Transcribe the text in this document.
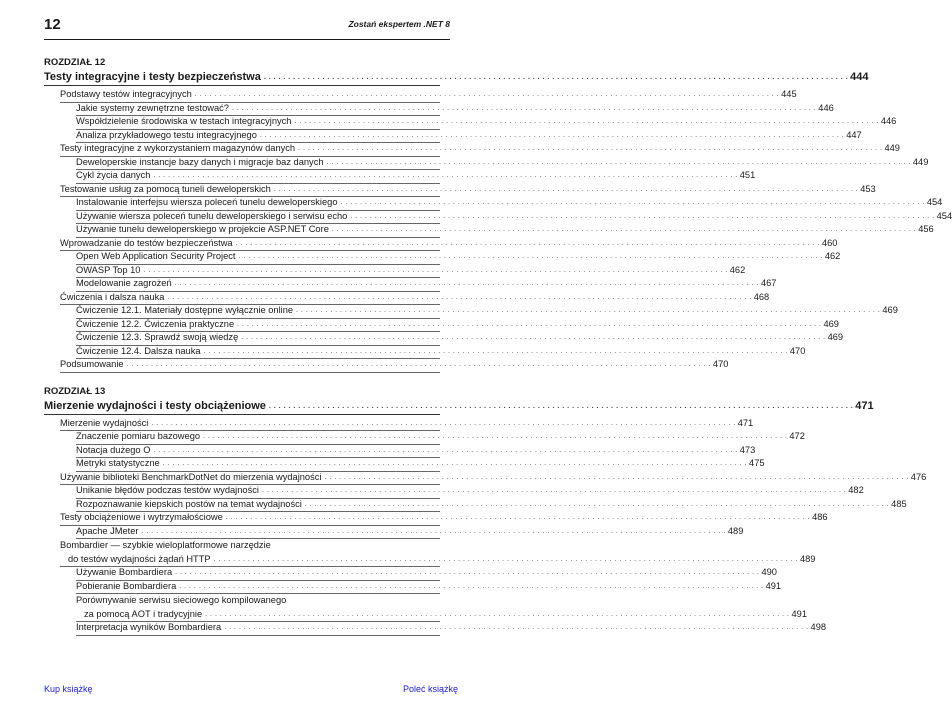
12	Zostań ekspertem .NET 8

ROZDZIAŁ 12

Testy integracyjne i testy bezpieczeństwa . . . . . . . . . . . . . . . . . . . . . . . . . . . . . . . . . . . . . . . . . . . . . . . . . . . . . . . . . . . . . . . . . . . . . . . . . . . . . . . . . . . . . . . . . . . . . . . . . . . . . . . . . . . . . . . . . . . . . . . . 444
Podstawy testów integracyjnych . . . . . . . . . . . . . . . . . . . . . . . . . . . . . . . . . . . . . . . . . . . . . . . . . . . . . . . . . . . . . . . . . . . . . . . . . . . . . . . . . . . . . . . . . . . . . . . . . . . . . . . . . . . . . . . . . . . . . . . . 445
Jakie systemy zewnętrzne testować? . . . . . . . . . . . . . . . . . . . . . . . . . . . . . . . . . . . . . . . . . . . . . . . . . . . . . . . . . . . . . . . . . . . . . . . . . . . . . . . . . . . . . . . . . . . . . . . . . . . . . . . . . . . . . . . . . . . . . . . . 446
Współdzielenie środowiska w testach integracyjnych . . . . . . . . . . . . . . . . . . . . . . . . . . . . . . . . . . . . . . . . . . . . . . . . . . . . . . . . . . . . . . . . . . . . . . . . . . . . . . . . . . . . . . . . . . . . . . . . . . . . . . . . . . . . . . . . . . . . . . . . 446
Analiza przykładowego testu integracyjnego . . . . . . . . . . . . . . . . . . . . . . . . . . . . . . . . . . . . . . . . . . . . . . . . . . . . . . . . . . . . . . . . . . . . . . . . . . . . . . . . . . . . . . . . . . . . . . . . . . . . . . . . . . . . . . . . . . . . . . . . 447
Testy integracyjne z wykorzystaniem magazynów danych . . . . . . . . . . . . . . . . . . . . . . . . . . . . . . . . . . . . . . . . . . . . . . . . . . . . . . . . . . . . . . . . . . . . . . . . . . . . . . . . . . . . . . . . . . . . . . . . . . . . . . . . . . . . . . . . . . . . . . . . 449
Deweloperskie instancje bazy danych i migracje baz danych . . . . . . . . . . . . . . . . . . . . . . . . . . . . . . . . . . . . . . . . . . . . . . . . . . . . . . . . . . . . . . . . . . . . . . . . . . . . . . . . . . . . . . . . . . . . . . . . . . . . . . . . . . . . . . . . . . . . . . . . 449
Cykl życia danych . . . . . . . . . . . . . . . . . . . . . . . . . . . . . . . . . . . . . . . . . . . . . . . . . . . . . . . . . . . . . . . . . . . . . . . . . . . . . . . . . . . . . . . . . . . . . . . . . . . . . . . . . . . . . . . . . . . . . . . . 451
Testowanie usług za pomocą tuneli deweloperskich . . . . . . . . . . . . . . . . . . . . . . . . . . . . . . . . . . . . . . . . . . . . . . . . . . . . . . . . . . . . . . . . . . . . . . . . . . . . . . . . . . . . . . . . . . . . . . . . . . . . . . . . . . . . . . . . . . . . . . . . 453
Instalowanie interfejsu wiersza poleceń tunelu deweloperskiego . . . . . . . . . . . . . . . . . . . . . . . . . . . . . . . . . . . . . . . . . . . . . . . . . . . . . . . . . . . . . . . . . . . . . . . . . . . . . . . . . . . . . . . . . . . . . . . . . . . . . . . . . . . . . . . . . . . . . . . . 454
Używanie wiersza poleceń tunelu deweloperskiego i serwisu echo . . . . . . . . . . . . . . . . . . . . . . . . . . . . . . . . . . . . . . . . . . . . . . . . . . . . . . . . . . . . . . . . . . . . . . . . . . . . . . . . . . . . . . . . . . . . . . . . . . . . . . . . . . . . . . . . . . . . . . . . 454
Używanie tunelu deweloperskiego w projekcie ASP.NET Core . . . . . . . . . . . . . . . . . . . . . . . . . . . . . . . . . . . . . . . . . . . . . . . . . . . . . . . . . . . . . . . . . . . . . . . . . . . . . . . . . . . . . . . . . . . . . . . . . . . . . . . . . . . . . . . . . . . . . . . . 456
Wprowadzanie do testów bezpieczeństwa . . . . . . . . . . . . . . . . . . . . . . . . . . . . . . . . . . . . . . . . . . . . . . . . . . . . . . . . . . . . . . . . . . . . . . . . . . . . . . . . . . . . . . . . . . . . . . . . . . . . . . . . . . . . . . . . . . . . . . . . 460
Open Web Application Security Project . . . . . . . . . . . . . . . . . . . . . . . . . . . . . . . . . . . . . . . . . . . . . . . . . . . . . . . . . . . . . . . . . . . . . . . . . . . . . . . . . . . . . . . . . . . . . . . . . . . . . . . . . . . . . . . . . . . . . . . . 462
OWASP Top 10 . . . . . . . . . . . . . . . . . . . . . . . . . . . . . . . . . . . . . . . . . . . . . . . . . . . . . . . . . . . . . . . . . . . . . . . . . . . . . . . . . . . . . . . . . . . . . . . . . . . . . . . . . . . . . . . . . . . . . . . . 462
Modelowanie zagrożeń . . . . . . . . . . . . . . . . . . . . . . . . . . . . . . . . . . . . . . . . . . . . . . . . . . . . . . . . . . . . . . . . . . . . . . . . . . . . . . . . . . . . . . . . . . . . . . . . . . . . . . . . . . . . . . . . . . . . . . . . 467
Ćwiczenia i dalsza nauka . . . . . . . . . . . . . . . . . . . . . . . . . . . . . . . . . . . . . . . . . . . . . . . . . . . . . . . . . . . . . . . . . . . . . . . . . . . . . . . . . . . . . . . . . . . . . . . . . . . . . . . . . . . . . . . . . . . . . . . . 468
Ćwiczenie 12.1. Materiały dostępne wyłącznie online . . . . . . . . . . . . . . . . . . . . . . . . . . . . . . . . . . . . . . . . . . . . . . . . . . . . . . . . . . . . . . . . . . . . . . . . . . . . . . . . . . . . . . . . . . . . . . . . . . . . . . . . . . . . . . . . . . . . . . . . 469
Ćwiczenie 12.2. Ćwiczenia praktyczne . . . . . . . . . . . . . . . . . . . . . . . . . . . . . . . . . . . . . . . . . . . . . . . . . . . . . . . . . . . . . . . . . . . . . . . . . . . . . . . . . . . . . . . . . . . . . . . . . . . . . . . . . . . . . . . . . . . . . . . . 469
Ćwiczenie 12.3. Sprawdź swoją wiedzę . . . . . . . . . . . . . . . . . . . . . . . . . . . . . . . . . . . . . . . . . . . . . . . . . . . . . . . . . . . . . . . . . . . . . . . . . . . . . . . . . . . . . . . . . . . . . . . . . . . . . . . . . . . . . . . . . . . . . . . . 469
Ćwiczenie 12.4. Dalsza nauka . . . . . . . . . . . . . . . . . . . . . . . . . . . . . . . . . . . . . . . . . . . . . . . . . . . . . . . . . . . . . . . . . . . . . . . . . . . . . . . . . . . . . . . . . . . . . . . . . . . . . . . . . . . . . . . . . . . . . . . . 470
Podsumowanie . . . . . . . . . . . . . . . . . . . . . . . . . . . . . . . . . . . . . . . . . . . . . . . . . . . . . . . . . . . . . . . . . . . . . . . . . . . . . . . . . . . . . . . . . . . . . . . . . . . . . . . . . . . . . . . . . . . . . . . . 470

ROZDZIAŁ 13

Mierzenie wydajności i testy obciążeniowe . . . . . . . . . . . . . . . . . . . . . . . . . . . . . . . . . . . . . . . . . . . . . . . . . . . . . . . . . . . . . . . . . . . . . . . . . . . . . . . . . . . . . . . . . . . . . . . . . . . . . . . . . . . . . . . . . . . . . . . . 471
Mierzenie wydajności . . . . . . . . . . . . . . . . . . . . . . . . . . . . . . . . . . . . . . . . . . . . . . . . . . . . . . . . . . . . . . . . . . . . . . . . . . . . . . . . . . . . . . . . . . . . . . . . . . . . . . . . . . . . . . . . . . . . . . . . 471
Znaczenie pomiaru bazowego . . . . . . . . . . . . . . . . . . . . . . . . . . . . . . . . . . . . . . . . . . . . . . . . . . . . . . . . . . . . . . . . . . . . . . . . . . . . . . . . . . . . . . . . . . . . . . . . . . . . . . . . . . . . . . . . . . . . . . . . 472
Notacja dużego O . . . . . . . . . . . . . . . . . . . . . . . . . . . . . . . . . . . . . . . . . . . . . . . . . . . . . . . . . . . . . . . . . . . . . . . . . . . . . . . . . . . . . . . . . . . . . . . . . . . . . . . . . . . . . . . . . . . . . . . . 473
Metryki statystyczne . . . . . . . . . . . . . . . . . . . . . . . . . . . . . . . . . . . . . . . . . . . . . . . . . . . . . . . . . . . . . . . . . . . . . . . . . . . . . . . . . . . . . . . . . . . . . . . . . . . . . . . . . . . . . . . . . . . . . . . . 475
Używanie biblioteki BenchmarkDotNet do mierzenia wydajności . . . . . . . . . . . . . . . . . . . . . . . . . . . . . . . . . . . . . . . . . . . . . . . . . . . . . . . . . . . . . . . . . . . . . . . . . . . . . . . . . . . . . . . . . . . . . . . . . . . . . . . . . . . . . . . . . . . . . . . . 476
Unikanie błędów podczas testów wydajności . . . . . . . . . . . . . . . . . . . . . . . . . . . . . . . . . . . . . . . . . . . . . . . . . . . . . . . . . . . . . . . . . . . . . . . . . . . . . . . . . . . . . . . . . . . . . . . . . . . . . . . . . . . . . . . . . . . . . . . . 482
Rozpoznawanie kiepskich postów na temat wydajności . . . . . . . . . . . . . . . . . . . . . . . . . . . . . . . . . . . . . . . . . . . . . . . . . . . . . . . . . . . . . . . . . . . . . . . . . . . . . . . . . . . . . . . . . . . . . . . . . . . . . . . . . . . . . . . . . . . . . . . . 485
Testy obciążeniowe i wytrzymałościowe . . . . . . . . . . . . . . . . . . . . . . . . . . . . . . . . . . . . . . . . . . . . . . . . . . . . . . . . . . . . . . . . . . . . . . . . . . . . . . . . . . . . . . . . . . . . . . . . . . . . . . . . . . . . . . . . . . . . . . . . 486
Apache JMeter . . . . . . . . . . . . . . . . . . . . . . . . . . . . . . . . . . . . . . . . . . . . . . . . . . . . . . . . . . . . . . . . . . . . . . . . . . . . . . . . . . . . . . . . . . . . . . . . . . . . . . . . . . . . . . . . . . . . . . . . 489
Bombardier — szybkie wieloplatformowe narzędzie
do testów wydajności żądań HTTP . . . . . . . . . . . . . . . . . . . . . . . . . . . . . . . . . . . . . . . . . . . . . . . . . . . . . . . . . . . . . . . . . . . . . . . . . . . . . . . . . . . . . . . . . . . . . . . . . . . . . . . . . . . . . . . . . . . . . . . . 489
Używanie Bombardiera . . . . . . . . . . . . . . . . . . . . . . . . . . . . . . . . . . . . . . . . . . . . . . . . . . . . . . . . . . . . . . . . . . . . . . . . . . . . . . . . . . . . . . . . . . . . . . . . . . . . . . . . . . . . . . . . . . . . . . . . 490
Pobieranie Bombardiera . . . . . . . . . . . . . . . . . . . . . . . . . . . . . . . . . . . . . . . . . . . . . . . . . . . . . . . . . . . . . . . . . . . . . . . . . . . . . . . . . . . . . . . . . . . . . . . . . . . . . . . . . . . . . . . . . . . . . . . . 491
Porównywanie serwisu sieciowego kompilowanego
za pomocą AOT i tradycyjnie . . . . . . . . . . . . . . . . . . . . . . . . . . . . . . . . . . . . . . . . . . . . . . . . . . . . . . . . . . . . . . . . . . . . . . . . . . . . . . . . . . . . . . . . . . . . . . . . . . . . . . . . . . . . . . . . . . . . . . . . 491
Interpretacja wyników Bombardiera . . . . . . . . . . . . . . . . . . . . . . . . . . . . . . . . . . . . . . . . . . . . . . . . . . . . . . . . . . . . . . . . . . . . . . . . . . . . . . . . . . . . . . . . . . . . . . . . . . . . . . . . . . . . . . . . . . . . . . . . 498
Kup książkę	Poleć książkę
